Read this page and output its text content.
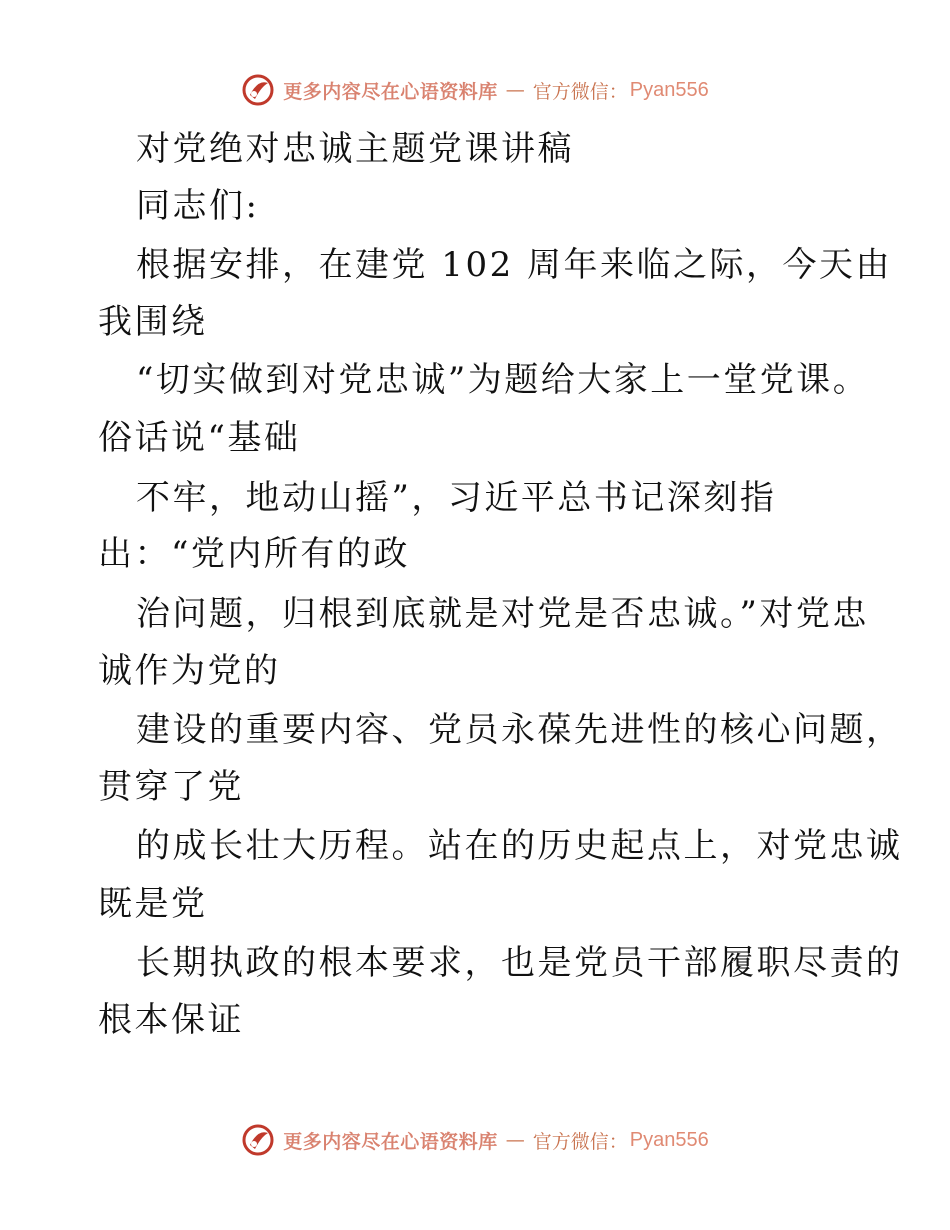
更多内容尽在心语资料库 — 官方微信： Pyan556
对党绝对忠诚主题党课讲稿
同志们:
根据安排，在建党 102 周年来临之际，今天由
我围绕
“切实做到对党忠诚”为题给大家上一堂党课。
俗话说“基础
不牢，地动山摇”，习近平总书记深刻指
出：“党内所有的政
治问题，归根到底就是对党是否忠诚。”对党忠
诚作为党的
建设的重要内容、党员永葆先进性的核心问题，
贯穿了党
的成长壮大历程。站在的历史起点上，对党忠诚
既是党
长期执政的根本要求，也是党员干部履职尽责的
根本保证
更多内容尽在心语资料库 — 官方微信： Pyan556
